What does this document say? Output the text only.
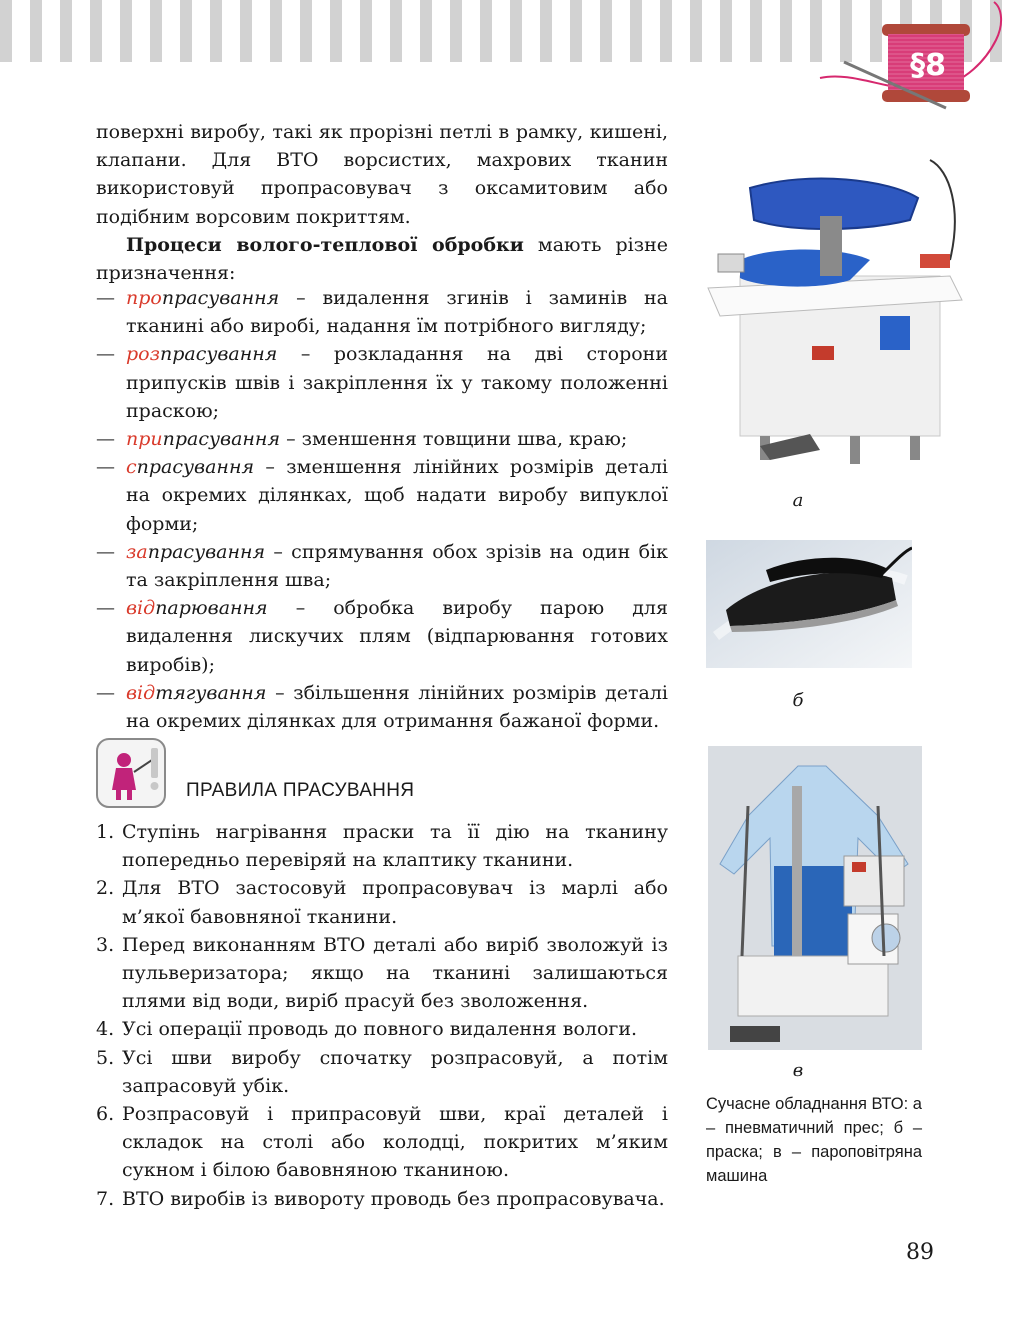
§8

поверхні виробу, такі як прорізні петлі в рамку, кишені, клапани. Для ВТО ворсистих, махрових тканин використовуй пропрасовувач з оксамитовим або подібним ворсовим покриттям.

Процеси волого-теплової обробки мають різне призначення:

— пропрасування – видалення згинів і заминів на тканині або виробі, надання їм потрібного вигляду;
— розпрасування – розкладання на дві сторони припусків швів і закріплення їх у такому положенні праскою;
— припрасування – зменшення товщини шва, краю;
— спрасування – зменшення лінійних розмірів деталі на окремих ділянках, щоб надати виробу випуклої форми;
— запрасування – спрямування обох зрізів на один бік та закріплення шва;
— відпарювання – обробка виробу парою для видалення лискучих плям (відпарювання готових виробів);
— відтягування – збільшення лінійних розмірів деталі на окремих ділянках для отримання бажаної форми.
ПРАВИЛА ПРАСУВАННЯ
1. Ступінь нагрівання праски та її дію на тканину попередньо перевіряй на клаптику тканини.
2. Для ВТО застосовуй пропрасовувач із марлі або м’якої бавовняної тканини.
3. Перед виконанням ВТО деталі або виріб зволожуй із пульверизатора; якщо на тканині залишаються плями від води, виріб прасуй без зволоження.
4. Усі операції проводь до повного видалення вологи.
5. Усі шви виробу спочатку розпрасовуй, а потім запрасовуй убік.
6. Розпрасовуй і припрасовуй шви, краї деталей і складок на столі або колодці, покритих м’яким сукном і білою бавовняною тканиною.
7. ВТО виробів із вивороту проводь без пропрасовувача.
а
б
в
Сучасне обладнання ВТО: а – пневматичний прес; б – праска; в – пароповітряна машина
89
